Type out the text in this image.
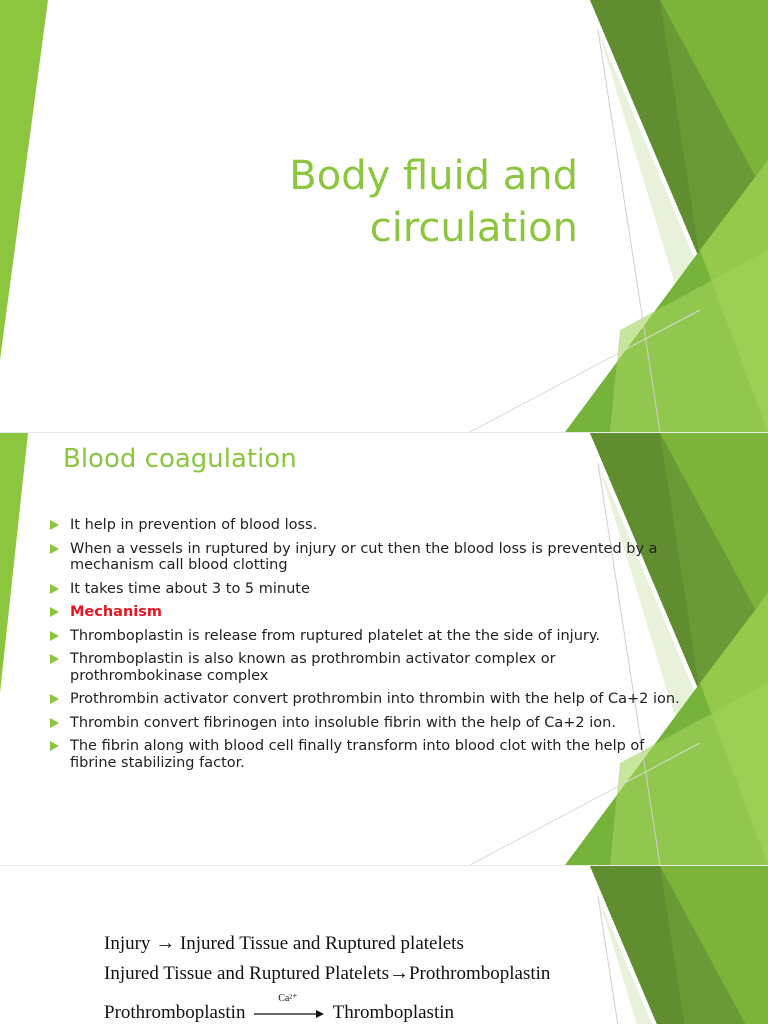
Body fluid and
circulation
Blood coagulation
It help in prevention of blood loss.
When a vessels in ruptured by injury or cut then the blood loss is prevented by a mechanism call blood clotting
It takes time about 3 to 5 minute
Mechanism
Thromboplastin is release from ruptured platelet at the the side of injury.
Thromboplastin is also known as prothrombin activator complex or prothrombokinase complex
Prothrombin activator convert prothrombin into thrombin with the help of Ca+2 ion.
Thrombin convert fibrinogen into insoluble fibrin with the help of Ca+2 ion.
The fibrin along with blood cell finally transform into blood clot with the help of fibrine stabilizing factor.
Injury → Injured Tissue and Ruptured platelets
Injured Tissue and Ruptured Platelets→Prothromboplastin
Prothromboplastin
Ca²⁺
Thromboplastin
